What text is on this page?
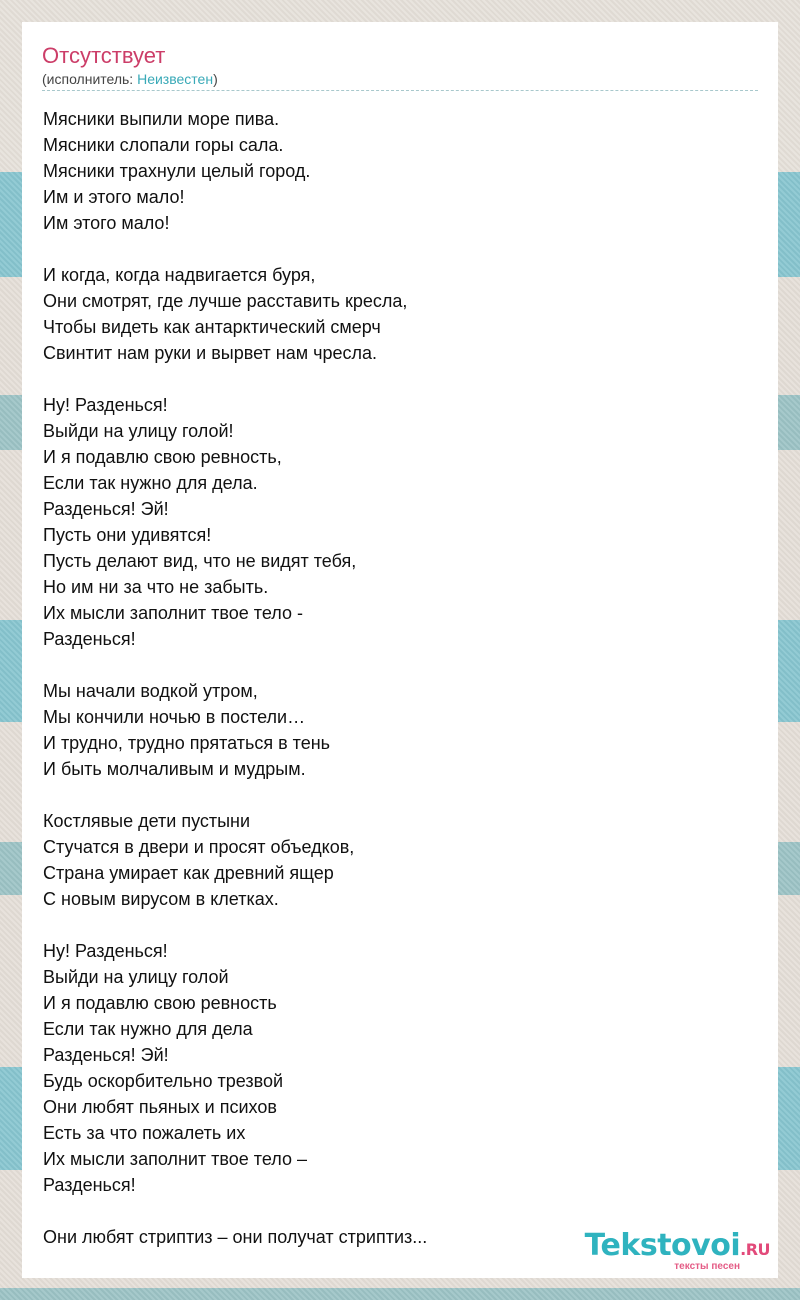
Отсутствует
(исполнитель: Неизвестен)
Мясники выпили море пива.
Мясники слопали горы сала.
Мясники трахнули целый город.
Им и этого мало!
Им этого мало!
И когда, когда надвигается буря,
Они смотрят, где лучше расставить кресла,
Чтобы видеть как антарктический смерч
Свинтит нам руки и вырвет нам чресла.
Ну! Разденься!
Выйди на улицу голой!
И я подавлю свою ревность,
Если так нужно для дела.
Разденься! Эй!
Пусть они удивятся!
Пусть делают вид, что не видят тебя,
Но им ни за что не забыть.
Их мысли заполнит твое тело -
Разденься!
Мы начали водкой утром,
Мы кончили ночью в постели…
И трудно, трудно прятаться в тень
И быть молчаливым и мудрым.
Костлявые дети пустыни
Стучатся в двери и просят объедков,
Страна умирает как древний ящер
С новым вирусом в клетках.
Ну! Разденься!
Выйди на улицу голой
И я подавлю свою ревность
Если так нужно для дела
Разденься! Эй!
Будь оскорбительно трезвой
Они любят пьяных и психов
Есть за что пожалеть их
Их мысли заполнит твое тело –
Разденься!
Они любят стриптиз – они получат стриптиз...	Tekstovoi.RU
тексты песен
